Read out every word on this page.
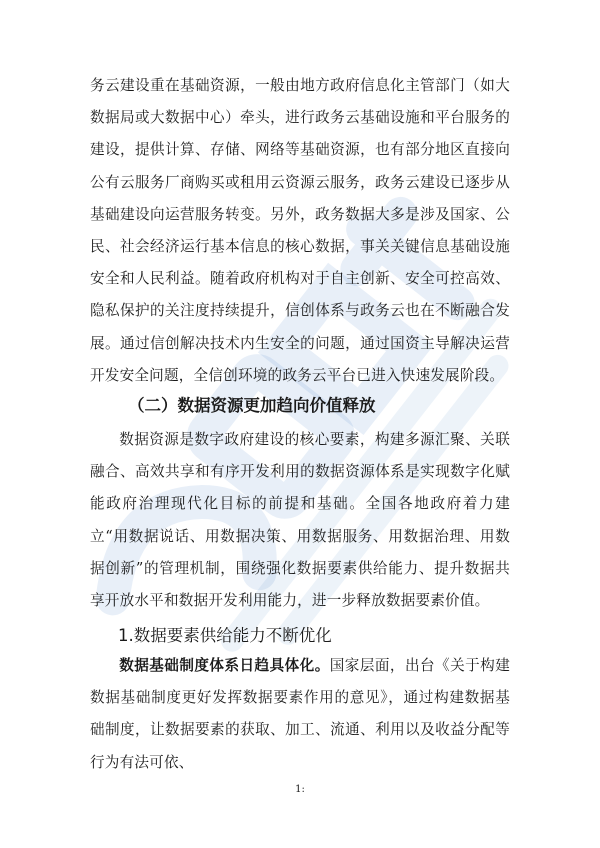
务云建设重在基础资源，一般由地方政府信息化主管部门（如大数据局或大数据中心）牵头，进行政务云基础设施和平台服务的建设，提供计算、存储、网络等基础资源，也有部分地区直接向公有云服务厂商购买或租用云资源云服务，政务云建设已逐步从基础建设向运营服务转变。另外，政务数据大多是涉及国家、公民、社会经济运行基本信息的核心数据，事关关键信息基础设施安全和人民利益。随着政府机构对于自主创新、安全可控高效、隐私保护的关注度持续提升，信创体系与政务云也在不断融合发展。通过信创解决技术内生安全的问题，通过国资主导解决运营开发安全问题，全信创环境的政务云平台已进入快速发展阶段。

（二）数据资源更加趋向价值释放

数据资源是数字政府建设的核心要素，构建多源汇聚、关联融合、高效共享和有序开发利用的数据资源体系是实现数字化赋能政府治理现代化目标的前提和基础。全国各地政府着力建立“用数据说话、用数据决策、用数据服务、用数据治理、用数据创新”的管理机制，围绕强化数据要素供给能力、提升数据共享开放水平和数据开发利用能力，进一步释放数据要素价值。

1.数据要素供给能力不断优化

数据基础制度体系日趋具体化。国家层面，出台《关于构建数据基础制度更好发挥数据要素作用的意见》，通过构建数据基础制度，让数据要素的获取、加工、流通、利用以及收益分配等行为有法可依、

1:
